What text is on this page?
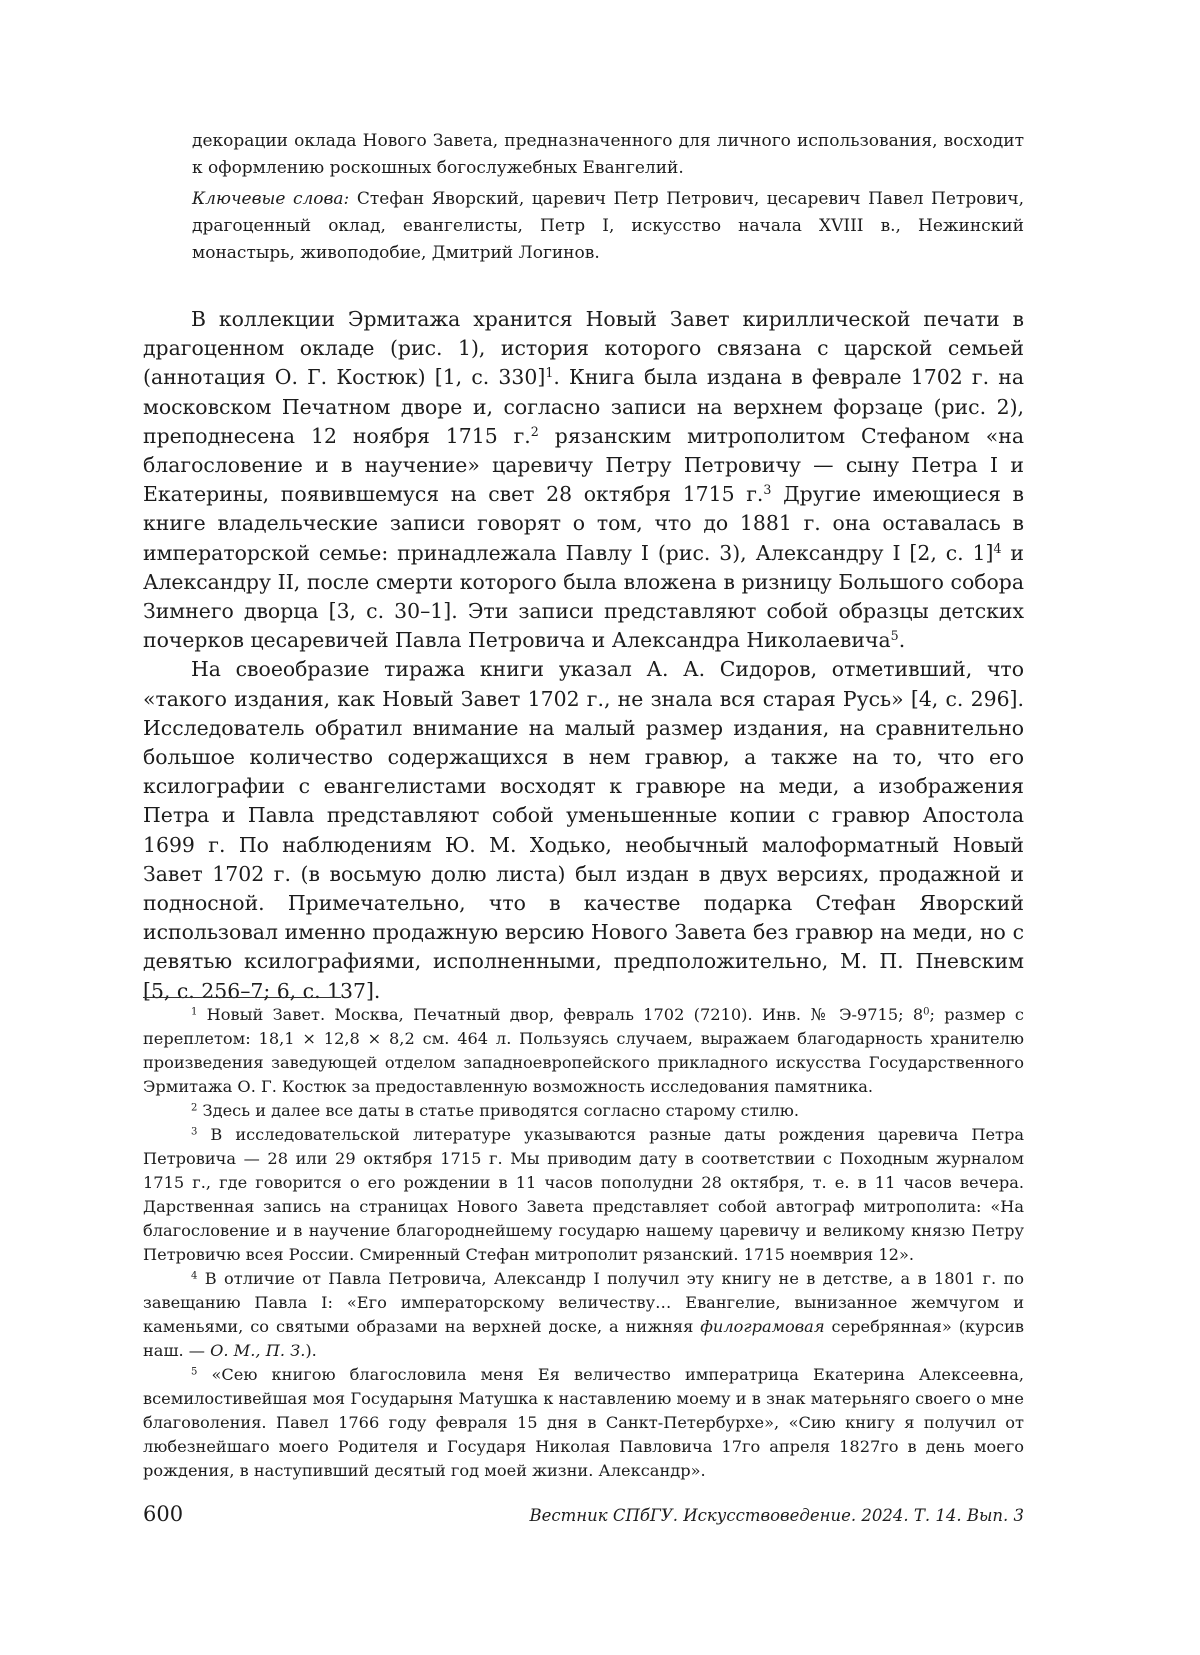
декорации оклада Нового Завета, предназначенного для личного использования, восходит к оформлению роскошных богослужебных Евангелий.

Ключевые слова: Стефан Яворский, царевич Петр Петрович, цесаревич Павел Петрович, драгоценный оклад, евангелисты, Петр I, искусство начала XVIII в., Нежинский монастырь, живоподобие, Дмитрий Логинов.

В коллекции Эрмитажа хранится Новый Завет кириллической печати в драгоценном окладе (рис. 1), история которого связана с царской семьей (аннотация О. Г. Костюк) [1, с. 330]$^1$. Книга была издана в феврале 1702 г. на московском Печатном дворе и, согласно записи на верхнем форзаце (рис. 2), преподнесена 12 ноября 1715 г.$^2$ рязанским митрополитом Стефаном «на благословение и в научение» царевичу Петру Петровичу — сыну Петра I и Екатерины, появившемуся на свет 28 октября 1715 г.$^3$ Другие имеющиеся в книге владельческие записи говорят о том, что до 1881 г. она оставалась в императорской семье: принадлежала Павлу I (рис. 3), Александру I [2, с. 1]$^4$ и Александру II, после смерти которого была вложена в ризницу Большого собора Зимнего дворца [3, с. 30–1]. Эти записи представляют собой образцы детских почерков цесаревичей Павла Петровича и Александра Николаевича$^5$.

На своеобразие тиража книги указал А. А. Сидоров, отметивший, что «такого издания, как Новый Завет 1702 г., не знала вся старая Русь» [4, с. 296]. Исследователь обратил внимание на малый размер издания, на сравнительно большое количество содержащихся в нем гравюр, а также на то, что его ксилографии с евангелистами восходят к гравюре на меди, а изображения Петра и Павла представляют собой уменьшенные копии с гравюр Апостола 1699 г. По наблюдениям Ю. М. Ходько, необычный малоформатный Новый Завет 1702 г. (в восьмую долю листа) был издан в двух версиях, продажной и подносной. Примечательно, что в качестве подарка Стефан Яворский использовал именно продажную версию Нового Завета без гравюр на меди, но с девятью ксилографиями, исполненными, предположительно, М. П. Пневским [5, с. 256–7; 6, с. 137].

$^1$ Новый Завет. Москва, Печатный двор, февраль 1702 (7210). Инв. № Э-9715; $8^0$; размер с переплетом: 18,1 × 12,8 × 8,2 см. 464 л. Пользуясь случаем, выражаем благодарность хранителю произведения заведующей отделом западноевропейского прикладного искусства Государственного Эрмитажа О. Г. Костюк за предоставленную возможность исследования памятника.

$^2$ Здесь и далее все даты в статье приводятся согласно старому стилю.

$^3$ В исследовательской литературе указываются разные даты рождения царевича Петра Петровича — 28 или 29 октября 1715 г. Мы приводим дату в соответствии с Походным журналом 1715 г., где говорится о его рождении в 11 часов пополудни 28 октября, т. е. в 11 часов вечера. Дарственная запись на страницах Нового Завета представляет собой автограф митрополита: «На благословение и в научение благороднейшему государю нашему царевичу и великому князю Петру Петровичю всея России. Смиренный Стефан митрополит рязанский. 1715 ноемврия 12».

$^4$ В отличие от Павла Петровича, Александр I получил эту книгу не в детстве, а в 1801 г. по завещанию Павла I: «Его императорскому величеству… Евангелие, вынизанное жемчугом и каменьями, со святыми образами на верхней доске, а нижняя филограмовая серебрянная» (курсив наш. — О. М., П. З.).

$^5$ «Сею книгою благословила меня Ея величество императрица Екатерина Алексеевна, всемилостивейшая моя Государыня Матушка к наставлению моему и в знак матерьняго своего о мне благоволения. Павел 1766 году февраля 15 дня в Санкт-Петербурхе», «Сию книгу я получил от любезнейшаго моего Родителя и Государя Николая Павловича 17го апреля 1827го в день моего рождения, в наступивший десятый год моей жизни. Александр».

600	Вестник СПбГУ. Искусствоведение. 2024. Т. 14. Вып. 3
